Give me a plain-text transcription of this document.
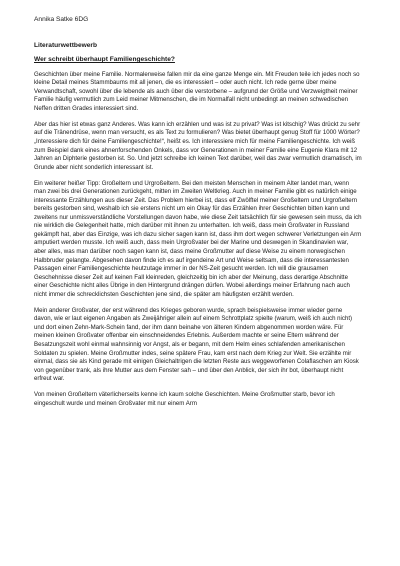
Annika Satke 6DG
Literaturwettbewerb
Wer schreibt überhaupt Familiengeschichte?

Geschichten über meine Familie. Normalerweise fallen mir da eine ganze Menge ein. Mit Freuden teile ich jedes noch so kleine Detail meines Stammbaums mit all jenen, die es interessiert – oder auch nicht. Ich rede gerne über meine Verwandtschaft, sowohl über die lebende als auch über die verstorbene – aufgrund der Größe und Verzweigtheit meiner Familie häufig vermutlich zum Leid meiner Mitmenschen, die im Normalfall nicht unbedingt an meinen schwedischen Neffen dritten Grades interessiert sind.

Aber das hier ist etwas ganz Anderes. Was kann ich erzählen und was ist zu privat? Was ist kitschig? Was drückt zu sehr auf die Tränendrüse, wenn man versucht, es als Text zu formulieren? Was bietet überhaupt genug Stoff für 1000 Wörter? „Interessiere dich für deine Familiengeschichte!“, heißt es. Ich interessiere mich für meine Familiengeschichte. Ich weiß zum Beispiel dank eines ahnenforschenden Onkels, dass vor Generationen in meiner Familie eine Eugenie Klara mit 12 Jahren an Diphterie gestorben ist. So. Und jetzt schreibe ich keinen Text darüber, weil das zwar vermutlich dramatisch, im Grunde aber nicht sonderlich interessant ist.

Ein weiterer heißer Tipp: Großeltern und Urgroßeltern. Bei den meisten Menschen in meinem Alter landet man, wenn man zwei bis drei Generationen zurückgeht, mitten im Zweiten Weltkrieg. Auch in meiner Familie gibt es natürlich einige interessante Erzählungen aus dieser Zeit. Das Problem hierbei ist, dass elf Zwölftel meiner Großeltern und Urgroßeltern bereits gestorben sind, weshalb ich sie erstens nicht um ein Okay für das Erzählen ihrer Geschichten bitten kann und zweitens nur unmissverständliche Vorstellungen davon habe, wie diese Zeit tatsächlich für sie gewesen sein muss, da ich nie wirklich die Gelegenheit hatte, mich darüber mit ihnen zu unterhalten. Ich weiß, dass mein Großvater in Russland gekämpft hat, aber das Einzige, was ich dazu sicher sagen kann ist, dass ihm dort wegen schwerer Verletzungen ein Arm amputiert werden musste. Ich weiß auch, dass mein Urgroßvater bei der Marine und deswegen in Skandinavien war, aber alles, was man darüber noch sagen kann ist, dass meine Großmutter auf diese Weise zu einem norwegischen Halbbruder gelangte. Abgesehen davon finde ich es auf irgendeine Art und Weise seltsam, dass die interessantesten Passagen einer Familiengeschichte heutzutage immer in der NS-Zeit gesucht werden. Ich will die grausamen Geschehnisse dieser Zeit auf keinen Fall kleinreden, gleichzeitig bin ich aber der Meinung, dass derartige Abschnitte einer Geschichte nicht alles Übrige in den Hintergrund drängen dürfen. Wobei allerdings meiner Erfahrung nach auch nicht immer die schrecklichsten Geschichten jene sind, die später am häufigsten erzählt werden.

Mein anderer Großvater, der erst während des Krieges geboren wurde, sprach beispielsweise immer wieder gerne davon, wie er laut eigenen Angaben als Zweijähriger allein auf einem Schrottplatz spielte (warum, weiß ich auch nicht) und dort einen Zehn-Mark-Schein fand, der ihm dann beinahe von älteren Kindern abgenommen worden wäre. Für meinen kleinen Großvater offenbar ein einschneidendes Erlebnis. Außerdem machte er seine Eltern während der Besatzungszeit wohl einmal wahnsinnig vor Angst, als er begann, mit dem Helm eines schlafenden amerikanischen Soldaten zu spielen. Meine Großmutter indes, seine spätere Frau, kam erst nach dem Krieg zur Welt. Sie erzählte mir einmal, dass sie als Kind gerade mit einigen Gleichaltrigen die letzten Reste aus weggeworfenen Colaflaschen am Kiosk von gegenüber trank, als ihre Mutter aus dem Fenster sah – und über den Anblick, der sich ihr bot, überhaupt nicht erfreut war.

Von meinen Großeltern väterlicherseits kenne ich kaum solche Geschichten. Meine Großmutter starb, bevor ich eingeschult wurde und meinen Großvater mit nur einem Arm
